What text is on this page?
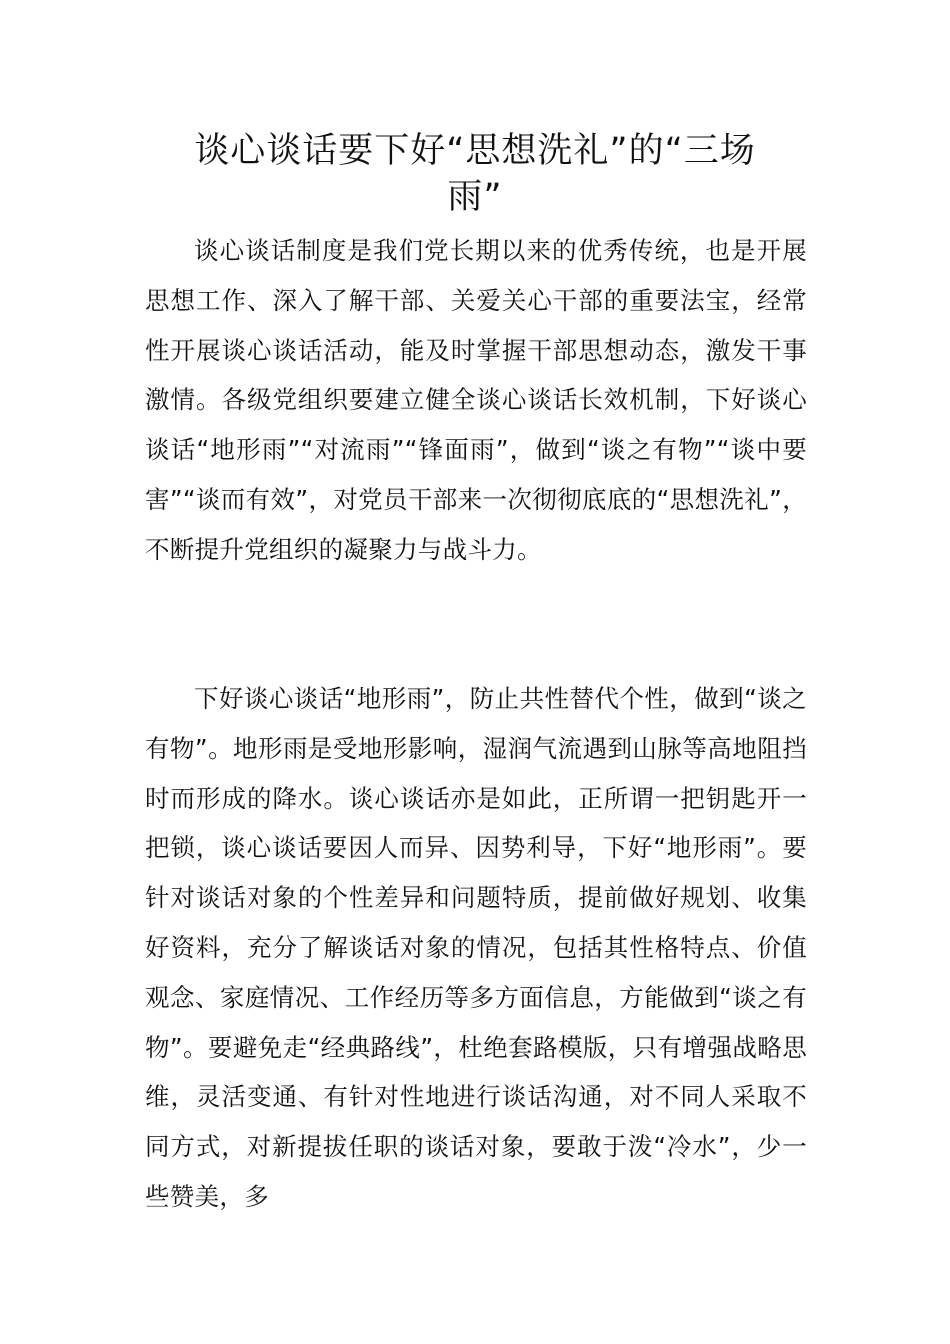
谈心谈话要下好“思想洗礼”的“三场雨”

谈心谈话制度是我们党长期以来的优秀传统，也是开展思想工作、深入了解干部、关爱关心干部的重要法宝，经常性开展谈心谈话活动，能及时掌握干部思想动态，激发干事激情。各级党组织要建立健全谈心谈话长效机制，下好谈心谈话“地形雨”“对流雨”“锋面雨”，做到“谈之有物”“谈中要害”“谈而有效”，对党员干部来一次彻彻底底的“思想洗礼”，不断提升党组织的凝聚力与战斗力。

下好谈心谈话“地形雨”，防止共性替代个性，做到“谈之有物”。地形雨是受地形影响，湿润气流遇到山脉等高地阻挡时而形成的降水。谈心谈话亦是如此，正所谓一把钥匙开一把锁，谈心谈话要因人而异、因势利导，下好“地形雨”。要针对谈话对象的个性差异和问题特质，提前做好规划、收集好资料，充分了解谈话对象的情况，包括其性格特点、价值观念、家庭情况、工作经历等多方面信息，方能做到“谈之有物”。要避免走“经典路线”，杜绝套路模版，只有增强战略思维，灵活变通、有针对性地进行谈话沟通，对不同人采取不同方式，对新提拔任职的谈话对象，要敢于泼“冷水”，少一些赞美，多
